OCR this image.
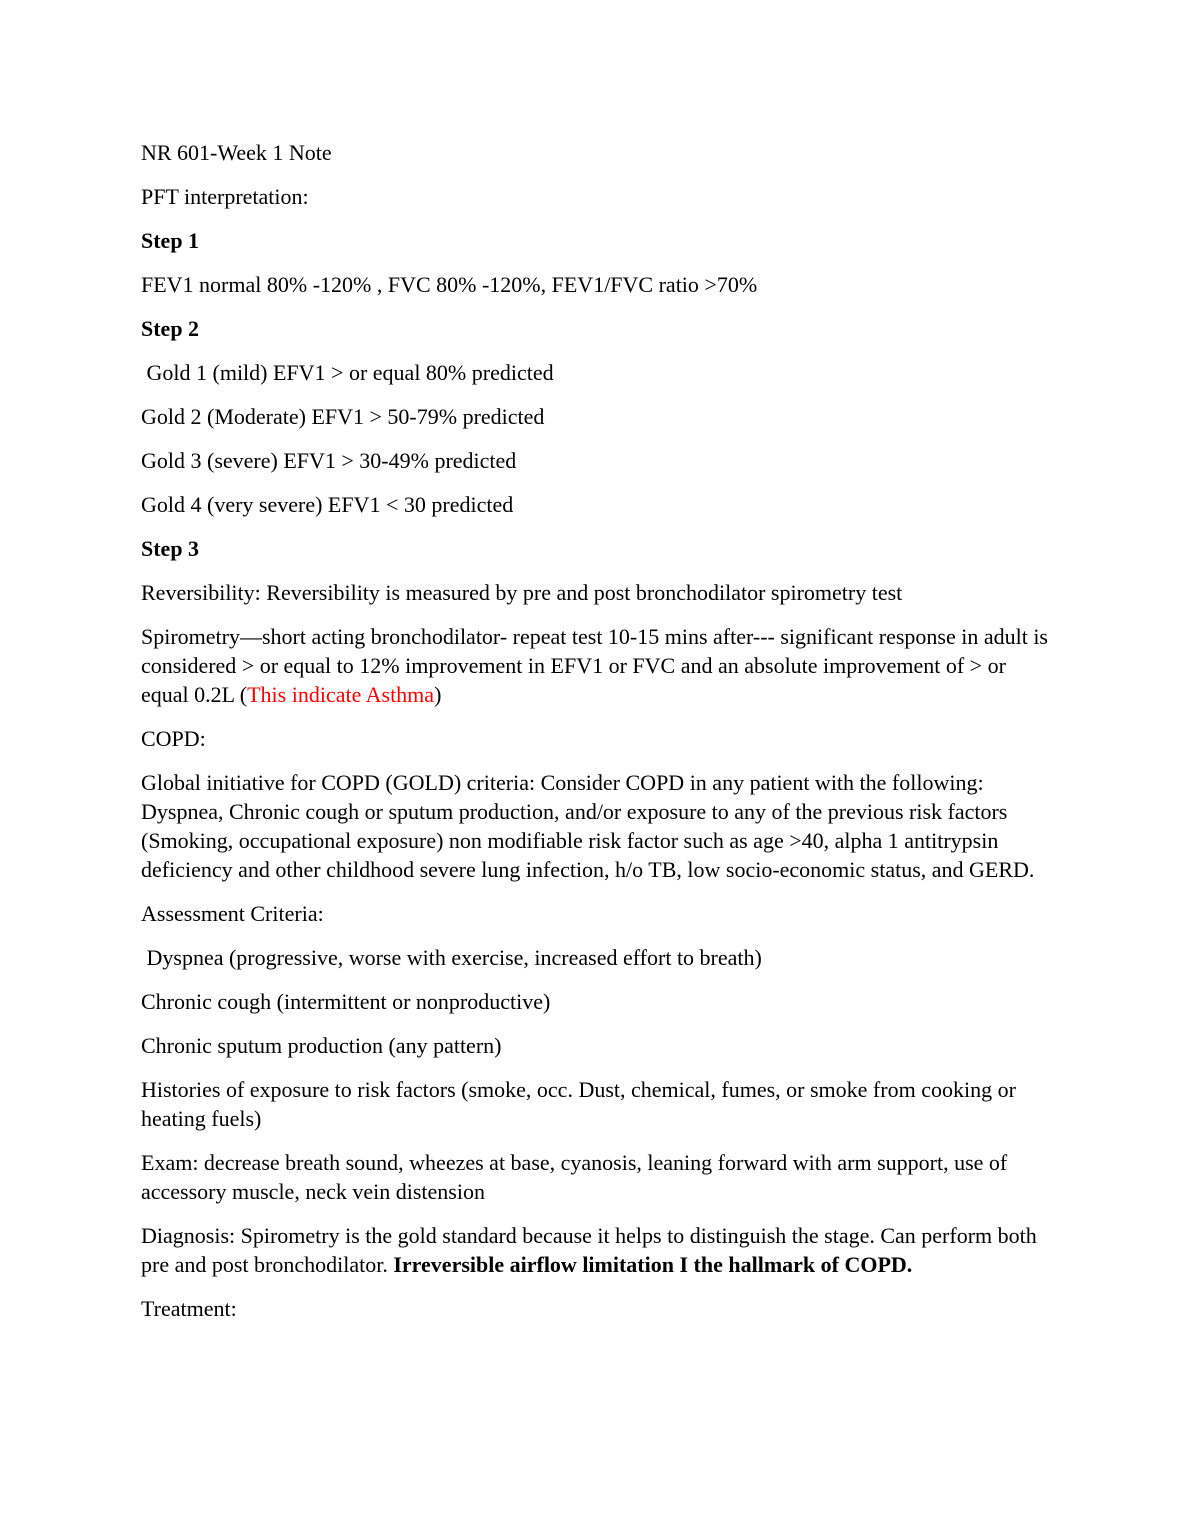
NR 601-Week 1 Note

PFT interpretation:

Step 1

FEV1 normal 80% -120% , FVC 80% -120%, FEV1/FVC ratio >70%

Step 2

Gold 1 (mild) EFV1 > or equal 80% predicted

Gold 2 (Moderate) EFV1 > 50-79% predicted

Gold 3 (severe) EFV1 > 30-49% predicted

Gold 4 (very severe) EFV1 < 30 predicted

Step 3

Reversibility: Reversibility is measured by pre and post bronchodilator spirometry test

Spirometry—short acting bronchodilator- repeat test 10-15 mins after--- significant response in adult is considered > or equal to 12% improvement in EFV1 or FVC and an absolute improvement of > or equal 0.2L (This indicate Asthma)

COPD:

Global initiative for COPD (GOLD) criteria: Consider COPD in any patient with the following: Dyspnea, Chronic cough or sputum production, and/or exposure to any of the previous risk factors (Smoking, occupational exposure) non modifiable risk factor such as age >40, alpha 1 antitrypsin deficiency and other childhood severe lung infection, h/o TB, low socio-economic status, and GERD.

Assessment Criteria:

Dyspnea (progressive, worse with exercise, increased effort to breath)

Chronic cough (intermittent or nonproductive)

Chronic sputum production (any pattern)

Histories of exposure to risk factors (smoke, occ. Dust, chemical, fumes, or smoke from cooking or heating fuels)

Exam: decrease breath sound, wheezes at base, cyanosis, leaning forward with arm support, use of accessory muscle, neck vein distension

Diagnosis: Spirometry is the gold standard because it helps to distinguish the stage. Can perform both pre and post bronchodilator. Irreversible airflow limitation I the hallmark of COPD.

Treatment:
